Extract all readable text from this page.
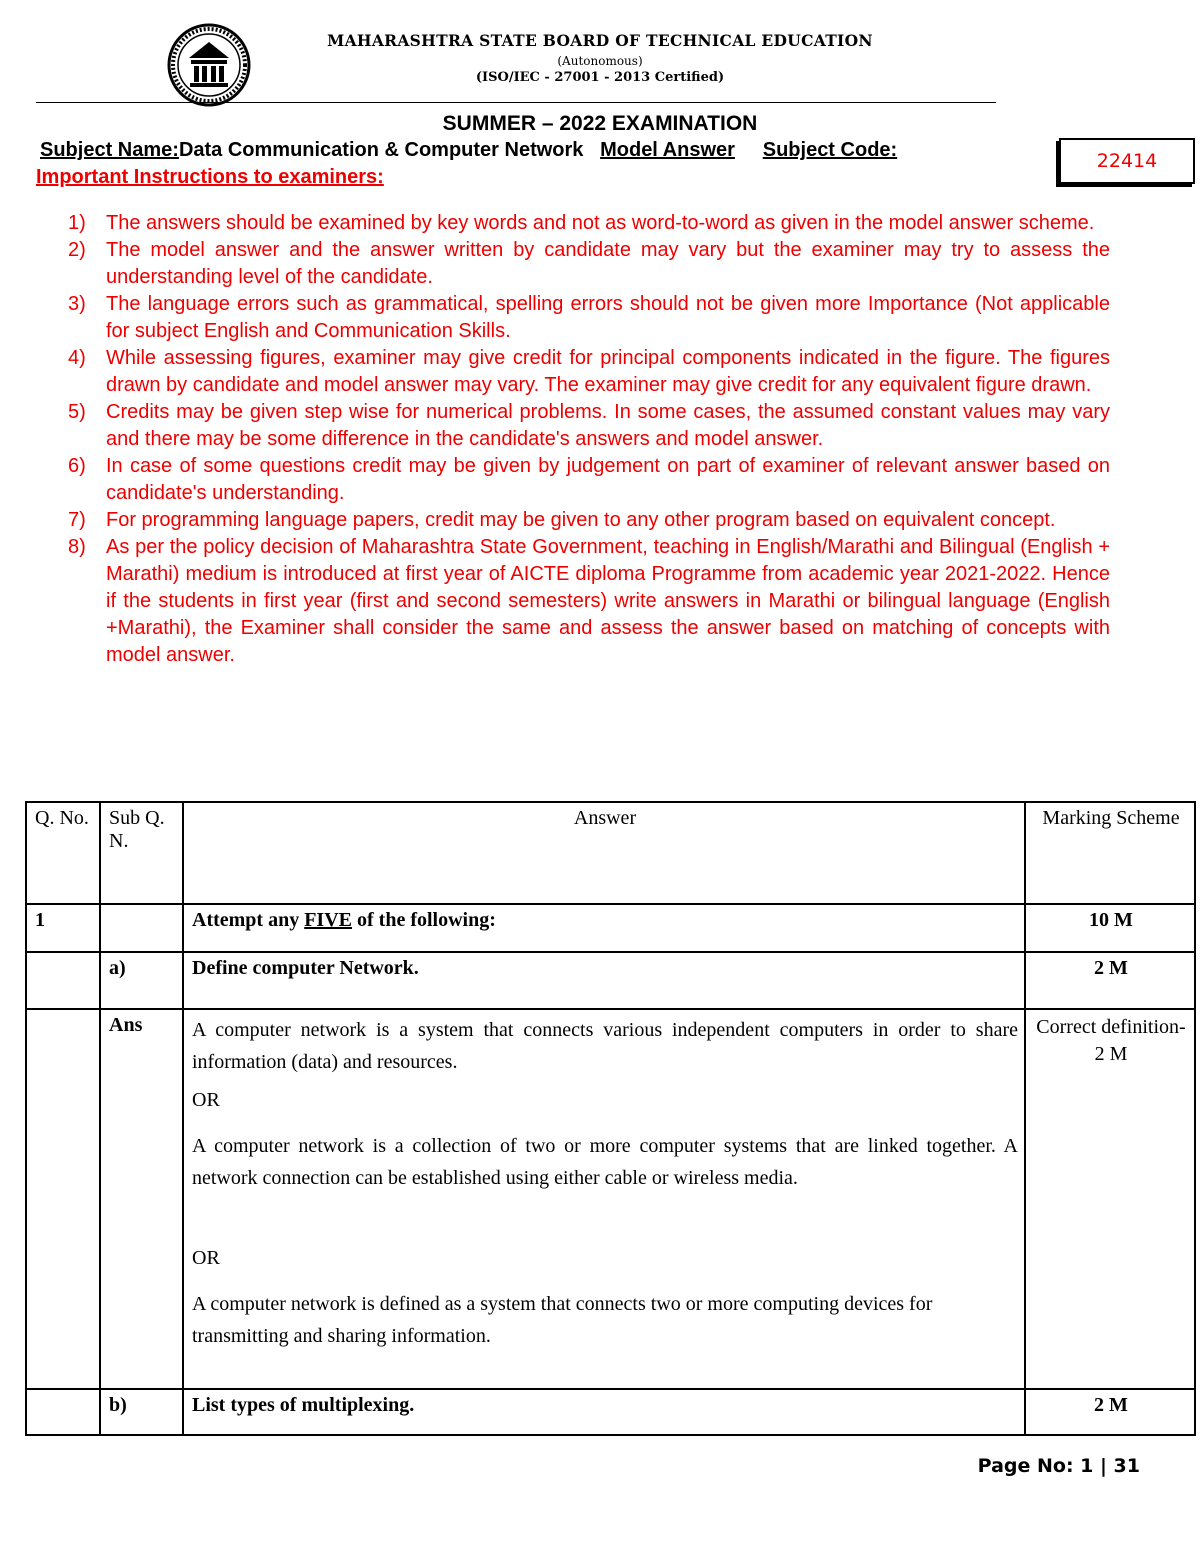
MAHARASHTRA STATE BOARD OF TECHNICAL EDUCATION
(Autonomous)
(ISO/IEC - 27001 - 2013 Certified)
SUMMER – 2022 EXAMINATION
Subject Name:Data Communication & Computer Network Model Answer Subject Code:	22414
Important Instructions to examiners:
1) The answers should be examined by key words and not as word-to-word as given in the model answer scheme.
2) The model answer and the answer written by candidate may vary but the examiner may try to assess the understanding level of the candidate.
3) The language errors such as grammatical, spelling errors should not be given more Importance (Not applicable for subject English and Communication Skills.
4) While assessing figures, examiner may give credit for principal components indicated in the figure. The figures drawn by candidate and model answer may vary. The examiner may give credit for any equivalent figure drawn.
5) Credits may be given step wise for numerical problems. In some cases, the assumed constant values may vary and there may be some difference in the candidate's answers and model answer.
6) In case of some questions credit may be given by judgement on part of examiner of relevant answer based on candidate's understanding.
7) For programming language papers, credit may be given to any other program based on equivalent concept.
8) As per the policy decision of Maharashtra State Government, teaching in English/Marathi and Bilingual (English + Marathi) medium is introduced at first year of AICTE diploma Programme from academic year 2021-2022. Hence if the students in first year (first and second semesters) write answers in Marathi or bilingual language (English +Marathi), the Examiner shall consider the same and assess the answer based on matching of concepts with model answer.
Q. No.	Sub Q. N.	Answer	Marking Scheme
1		Attempt any FIVE of the following:	10 M
	a)	Define computer Network.	2 M
	Ans	A computer network is a system that connects various independent computers in order to share information (data) and resources.

OR

A computer network is a collection of two or more computer systems that are linked together. A network connection can be established using either cable or wireless media.

OR

A computer network is defined as a system that connects two or more computing devices for transmitting and sharing information.	Correct definition-2 M
	b)	List types of multiplexing.	2 M
Page No: 1 | 31
